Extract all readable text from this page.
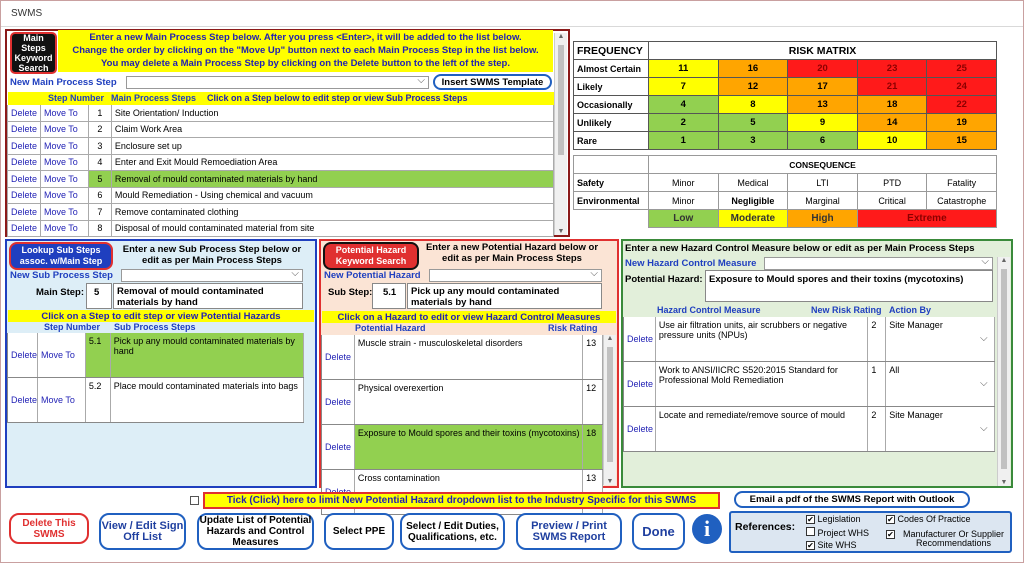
SWMS
Main Steps Keyword Search
Enter a new Main Process Step below. After you press <Enter>, it will be added to the list below.
Change the order by clicking on the "Move Up" button next to each Main Process Step in the list below.
You may delete a Main Process Step by clicking on the Delete button to the left of the step.
New Main Process Step ⌵	Insert SWMS Template
Step Number Main Process Steps Click on a Step below to edit step or view Sub Process Steps
Delete Move To	1	Site Orientation/ Induction
Delete Move To	2	Claim Work Area
Delete Move To	3	Enclosure set up
Delete Move To	4	Enter and Exit Mould Remoediation Area
Delete Move To	5	Removal of mould contaminated materials by hand
Delete Move To	6	Mould Remediation - Using chemical and vacuum
Delete Move To	7	Remove contaminated clothing
Delete Move To	8	Disposal of mould contaminated material from site
▲
▼
FREQUENCY	RISK MATRIX				
Almost Certain	11	16	20	23	25
Likely	7	12	17	21	24
Occasionally	4	8	13	18	22
Unlikely	2	5	9	14	19
Rare	1	3	6	10	15
	CONSEQUENCE				
Safety	Minor	Medical	LTI	PTD	Fatality
Environmental	Minor	Negligible	Marginal	Critical	Catastrophe
	Low	Moderate	High	Extreme	
Lookup Sub Steps assoc. w/Main Step
Enter a new Sub Process Step below or edit as per Main Process Steps
New Sub Process Step
⌵
Main Step:	5	Removal of mould contaminated materials by hand
Click on a Step to edit step or view Potential Hazards
Step Number Sub Process Steps
Delete Move To
5.1	Pick up any mould contaminated materials by hand
Delete Move To
5.2	Place mould contaminated materials into bags
Potential Hazard Keyword Search
Enter a new Potential Hazard below or edit as per Main Process Steps
New Potential Hazard
⌵
Sub Step:	5.1	Pick up any mould contaminated materials by hand
Click on a Hazard to edit or view Hazard Control Measures
Potential Hazard	Risk Rating
Delete
Muscle strain - musculoskeletal disorders	13
Delete
Physical overexertion	12
Delete
Exposure to Mould spores and their toxins (mycotoxins) 18
Cross contamination	13
▲
▼
Enter a new Hazard Control Measure below or edit as per Main Process Steps
New Hazard Control Measure
⌵
Potential Hazard: Exposure to Mould spores and their toxins (mycotoxins)
Hazard Control Measure	New Risk Rating Action By
Delete
Use air filtration units, air scrubbers or negative pressure units (NPUs)
2	Site Manager
⌵
Delete
Work to ANSI/IICRC S520:2015 Standard for Professional Mold Remediation
1	All
⌵
Delete
Locate and remediate/remove source of mould	2	Site Manager
⌵
▲
▼
Tick (Click) here to limit New Potential Hazard dropdown list to the Industry Specific for this SWMS	Email a pdf of the SWMS Report with Outlook
Delete This SWMS
View / Edit Sign Off List
Update List of Potential Hazards and Control Measures
Select PPE	Select / Edit Duties, Qualifications, etc.
Preview / Print SWMS Report	Done	i	References:
✔ Legislation
Project WHS
✔ Site WHS
✔ Codes Of Practice
✔	Manufacturer Or Supplier Recommendations
